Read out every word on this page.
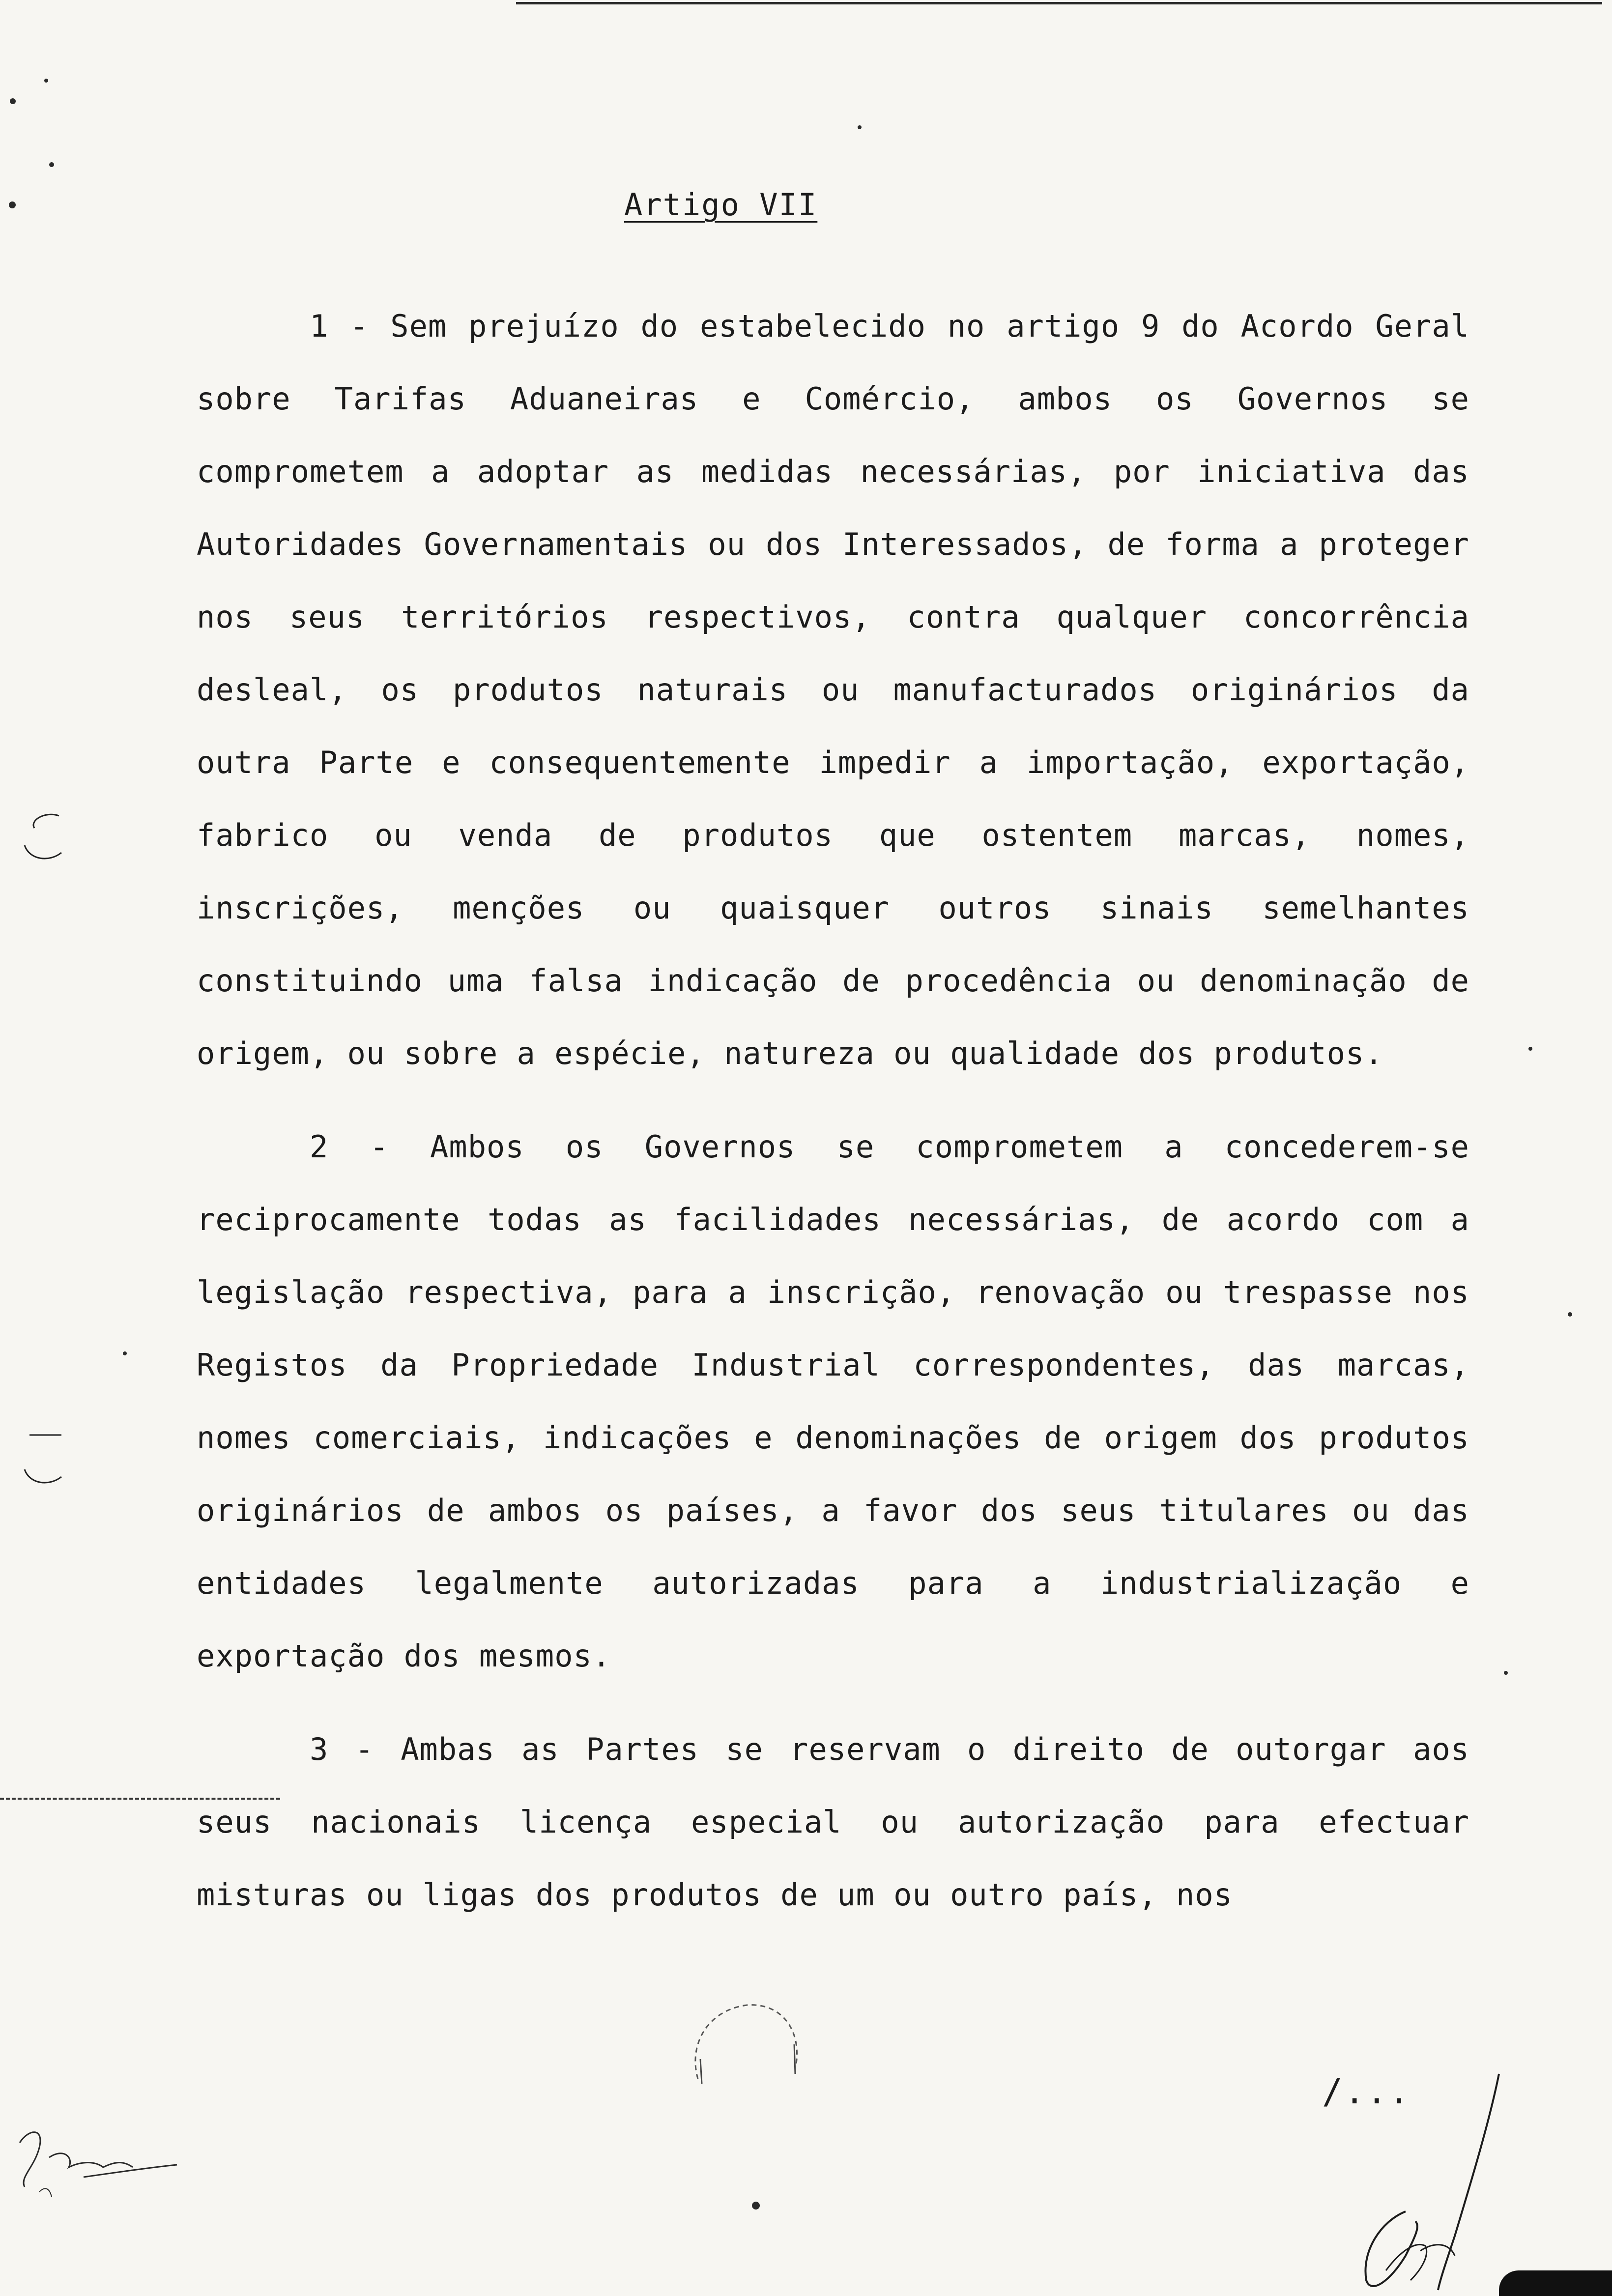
Artigo VII

1 - Sem prejuízo do estabelecido no artigo 9 do Acordo Geral sobre Tarifas Aduaneiras e Comércio, ambos os Governos se comprometem a adoptar as medidas necessárias, por iniciativa das Autoridades Governamentais ou dos Interessados, de forma a proteger nos seus territórios respectivos, contra qualquer concorrência desleal, os produtos naturais ou manufacturados originários da outra Parte e consequentemente impedir a importação, exportação, fabrico ou venda de produtos que ostentem marcas, nomes, inscrições, menções ou quaisquer outros sinais semelhantes constituindo uma falsa indicação de procedência ou denominação de origem, ou sobre a espécie, natureza ou qualidade dos produtos.

2 - Ambos os Governos se comprometem a concederem-se reciprocamente todas as facilidades necessárias, de acordo com a legislação respectiva, para a inscrição, renovação ou trespasse nos Registos da Propriedade Industrial correspondentes, das marcas, nomes comerciais, indicações e denominações de origem dos produtos originários de ambos os países, a favor dos seus titulares ou das entidades legalmente autorizadas para a industrialização e exportação dos mesmos.

3 - Ambas as Partes se reservam o direito de outorgar aos seus nacionais licença especial ou autorização para efectuar misturas ou ligas dos produtos de um ou outro país, nos

/...
